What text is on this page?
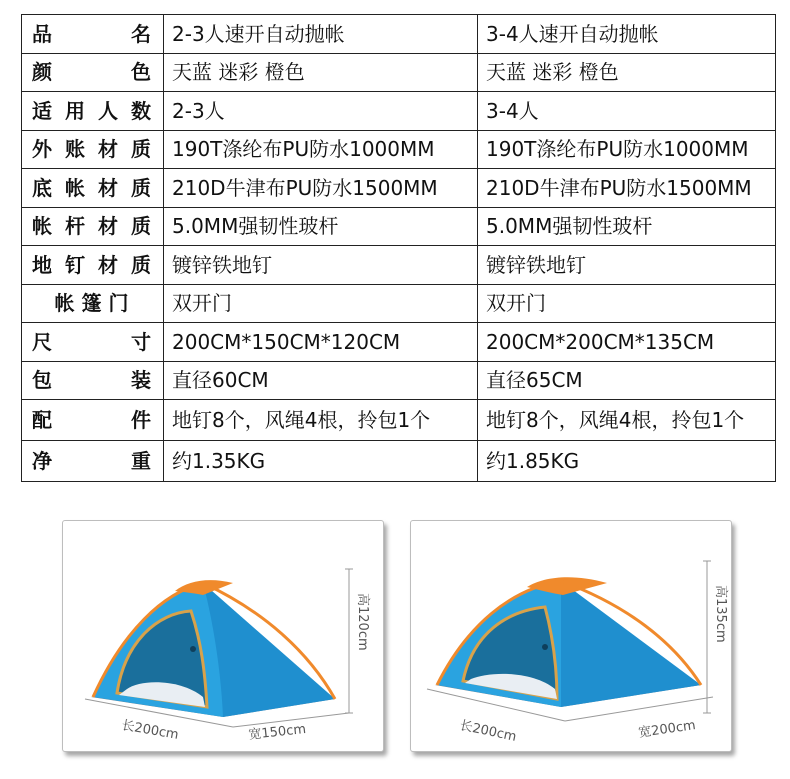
品　　名	2-3人速开自动抛帐	3-4人速开自动抛帐

颜　　色	天蓝 迷彩 橙色	天蓝 迷彩 橙色

适用人数	2-3人	3-4人

外账材质	190T涤纶布PU防水1000MM	190T涤纶布PU防水1000MM

底帐材质	210D牛津布PU防水1500MM	210D牛津布PU防水1500MM

帐杆材质	5.0MM强韧性玻杆	5.0MM强韧性玻杆

地钉材质	镀锌铁地钉	镀锌铁地钉

帐 篷 门	双开门	双开门

尺　　寸	200CM*150CM*120CM	200CM*200CM*135CM

包　　装	直径60CM	直径65CM

配　　件	地钉8个，风绳4根，拎包1个	地钉8个，风绳4根，拎包1个

净　　重	约1.35KG	约1.85KG
高120cm
长200cm	宽150cm
高135cm
长200cm	宽200cm
